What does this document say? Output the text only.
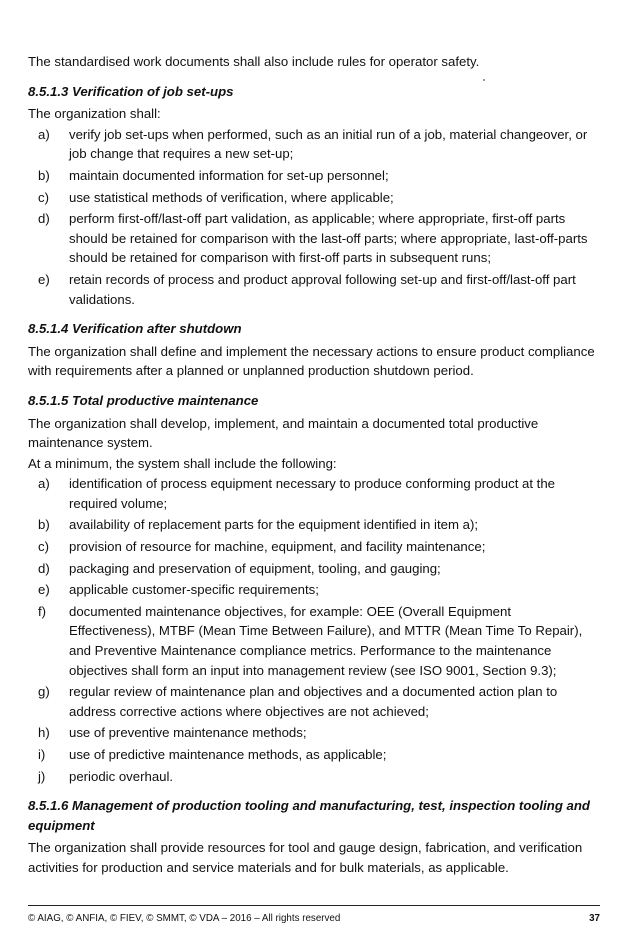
The standardised work documents shall also include rules for operator safety.

8.5.1.3 Verification of job set-ups

The organization shall:

a)	verify job set-ups when performed, such as an initial run of a job, material changeover, or job change that requires a new set-up;
b)	maintain documented information for set-up personnel;
c)	use statistical methods of verification, where applicable;
d)	perform first-off/last-off part validation, as applicable; where appropriate, first-off parts should be retained for comparison with the last-off parts; where appropriate, last-off-parts should be retained for comparison with first-off parts in subsequent runs;
e)	retain records of process and product approval following set-up and first-off/last-off part validations.
8.5.1.4 Verification after shutdown

The organization shall define and implement the necessary actions to ensure product compliance with requirements after a planned or unplanned production shutdown period.

8.5.1.5 Total productive maintenance

The organization shall develop, implement, and maintain a documented total productive maintenance system.

At a minimum, the system shall include the following:

a)	identification of process equipment necessary to produce conforming product at the required volume;
b)	availability of replacement parts for the equipment identified in item a);
c)	provision of resource for machine, equipment, and facility maintenance;
d)	packaging and preservation of equipment, tooling, and gauging;
e)	applicable customer-specific requirements;
f)	documented maintenance objectives, for example: OEE (Overall Equipment Effectiveness), MTBF (Mean Time Between Failure), and MTTR (Mean Time To Repair), and Preventive Maintenance compliance metrics. Performance to the maintenance objectives shall form an input into management review (see ISO 9001, Section 9.3);
g)	regular review of maintenance plan and objectives and a documented action plan to address corrective actions where objectives are not achieved;
h)	use of preventive maintenance methods;
i)	use of predictive maintenance methods, as applicable;
j)	periodic overhaul.
8.5.1.6 Management of production tooling and manufacturing, test, inspection tooling and equipment

The organization shall provide resources for tool and gauge design, fabrication, and verification activities for production and service materials and for bulk materials, as applicable.

© AIAG, © ANFIA, © FIEV, © SMMT, © VDA – 2016 – All rights reserved	37
